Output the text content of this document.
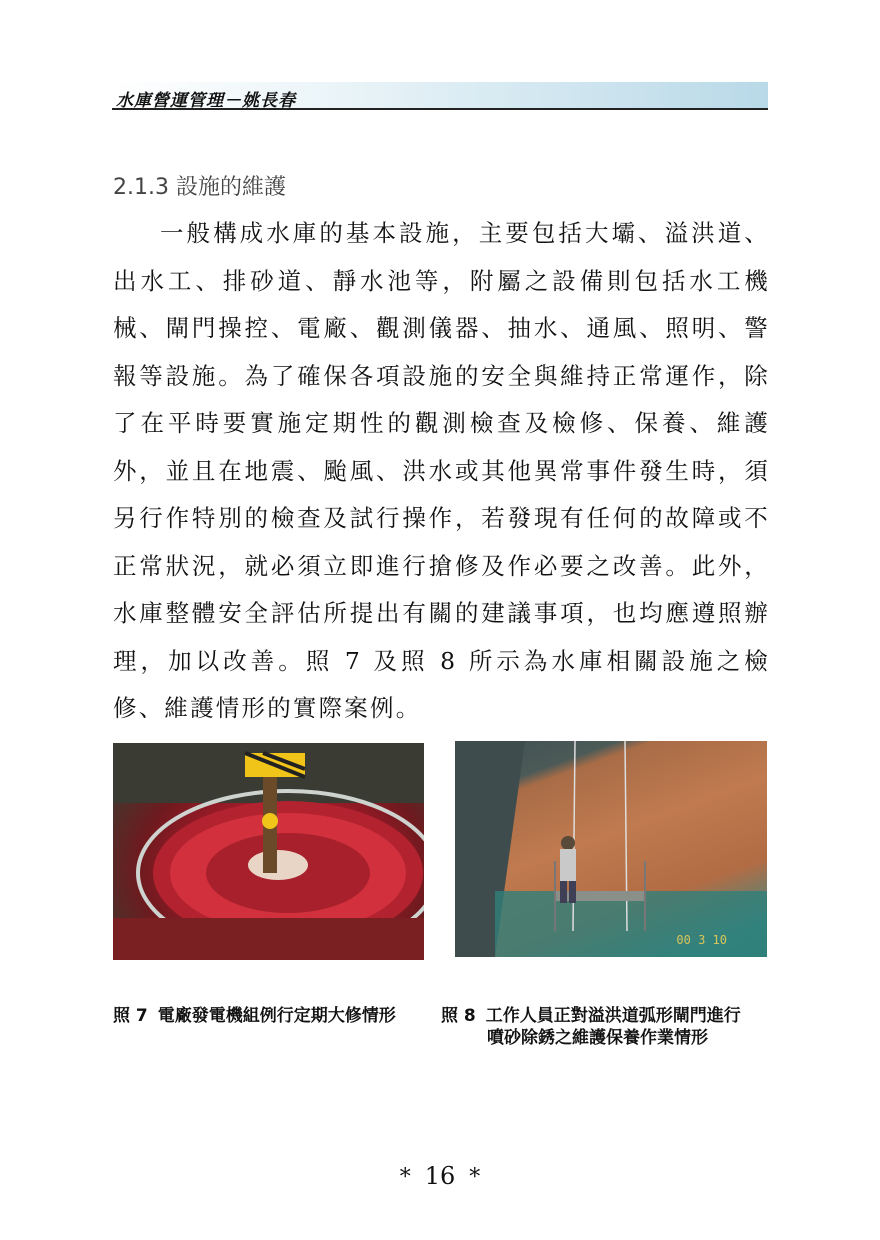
水庫營運管理－姚長春
2.1.3 設施的維護

一般構成水庫的基本設施，主要包括大壩、溢洪道、出水工、排砂道、靜水池等，附屬之設備則包括水工機械、閘門操控、電廠、觀測儀器、抽水、通風、照明、警報等設施。為了確保各項設施的安全與維持正常運作，除了在平時要實施定期性的觀測檢查及檢修、保養、維護外，並且在地震、颱風、洪水或其他異常事件發生時，須另行作特別的檢查及試行操作，若發現有任何的故障或不正常狀況，就必須立即進行搶修及作必要之改善。此外，水庫整體安全評估所提出有關的建議事項，也均應遵照辦理，加以改善。照 7 及照 8 所示為水庫相關設施之檢修、維護情形的實際案例。

00 3 10
照 7 電廠發電機組例行定期大修情形	照 8 工作人員正對溢洪道弧形閘門進行
噴砂除銹之維護保養作業情形
* 16 *
